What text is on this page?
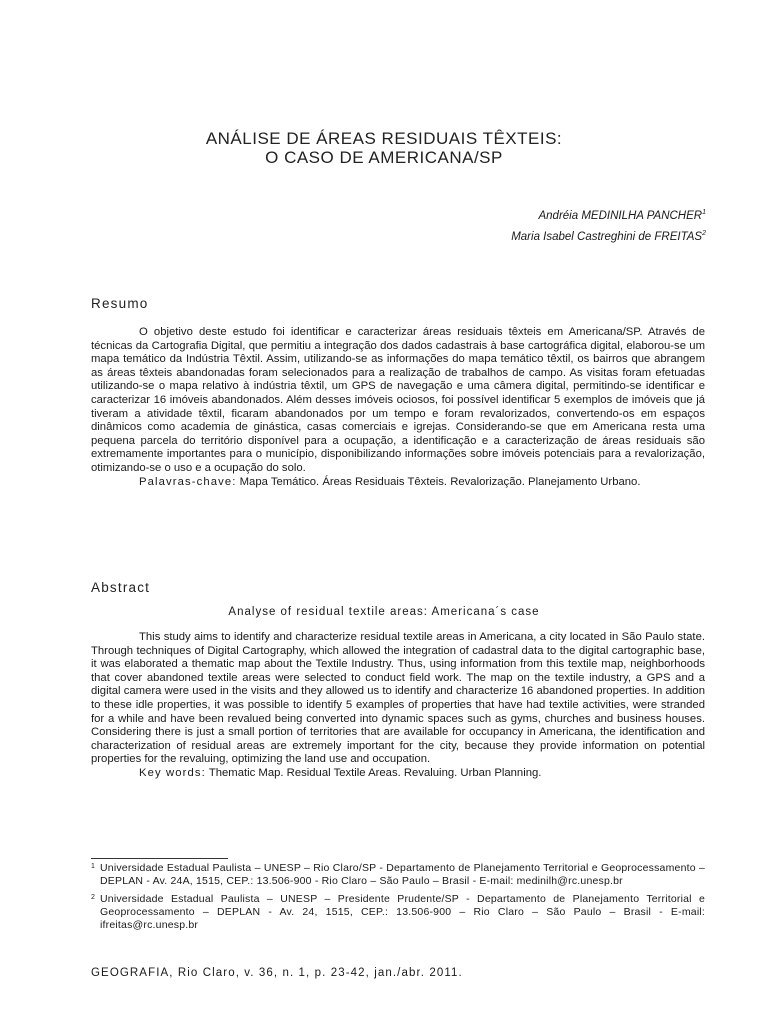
ANÁLISE DE ÁREAS RESIDUAIS TÊXTEIS:
O CASO DE AMERICANA/SP
Andréia MEDINILHA PANCHER$^1$
Maria Isabel Castreghini de FREITAS$^2$
Resumo

O objetivo deste estudo foi identificar e caracterizar áreas residuais têxteis em Americana/SP. Através de técnicas da Cartografia Digital, que permitiu a integração dos dados cadastrais à base cartográfica digital, elaborou-se um mapa temático da Indústria Têxtil. Assim, utilizando-se as informações do mapa temático têxtil, os bairros que abrangem as áreas têxteis abandonadas foram selecionados para a realização de trabalhos de campo. As visitas foram efetuadas utilizando-se o mapa relativo à indústria têxtil, um GPS de navegação e uma câmera digital, permitindo-se identificar e caracterizar 16 imóveis abandonados. Além desses imóveis ociosos, foi possível identificar 5 exemplos de imóveis que já tiveram a atividade têxtil, ficaram abandonados por um tempo e foram revalorizados, convertendo-os em espaços dinâmicos como academia de ginástica, casas comerciais e igrejas. Considerando-se que em Americana resta uma pequena parcela do território disponível para a ocupação, a identificação e a caracterização de áreas residuais são extremamente importantes para o município, disponibilizando informações sobre imóveis potenciais para a revalorização, otimizando-se o uso e a ocupação do solo.

Palavras-chave: Mapa Temático. Áreas Residuais Têxteis. Revalorização. Planejamento Urbano.

Abstract
Analyse of residual textile areas: Americana´s case

This study aims to identify and characterize residual textile areas in Americana, a city located in São Paulo state. Through techniques of Digital Cartography, which allowed the integration of cadastral data to the digital cartographic base, it was elaborated a thematic map about the Textile Industry. Thus, using information from this textile map, neighborhoods that cover abandoned textile areas were selected to conduct field work. The map on the textile industry, a GPS and a digital camera were used in the visits and they allowed us to identify and characterize 16 abandoned properties. In addition to these idle properties, it was possible to identify 5 examples of properties that have had textile activities, were stranded for a while and have been revalued being converted into dynamic spaces such as gyms, churches and business houses. Considering there is just a small portion of territories that are available for occupancy in Americana, the identification and characterization of residual areas are extremely important for the city, because they provide information on potential properties for the revaluing, optimizing the land use and occupation.

Key words: Thematic Map. Residual Textile Areas. Revaluing. Urban Planning.

1 Universidade Estadual Paulista – UNESP – Rio Claro/SP - Departamento de Planejamento Territorial e Geoprocessamento – DEPLAN - Av. 24A, 1515, CEP.: 13.506-900 - Rio Claro – São Paulo – Brasil - E-mail: medinilh@rc.unesp.br
2 Universidade Estadual Paulista – UNESP – Presidente Prudente/SP - Departamento de Planejamento Territorial e Geoprocessamento – DEPLAN - Av. 24, 1515, CEP.: 13.506-900 – Rio Claro – São Paulo – Brasil - E-mail: ifreitas@rc.unesp.br
GEOGRAFIA, Rio Claro, v. 36, n. 1, p. 23-42, jan./abr. 2011.
